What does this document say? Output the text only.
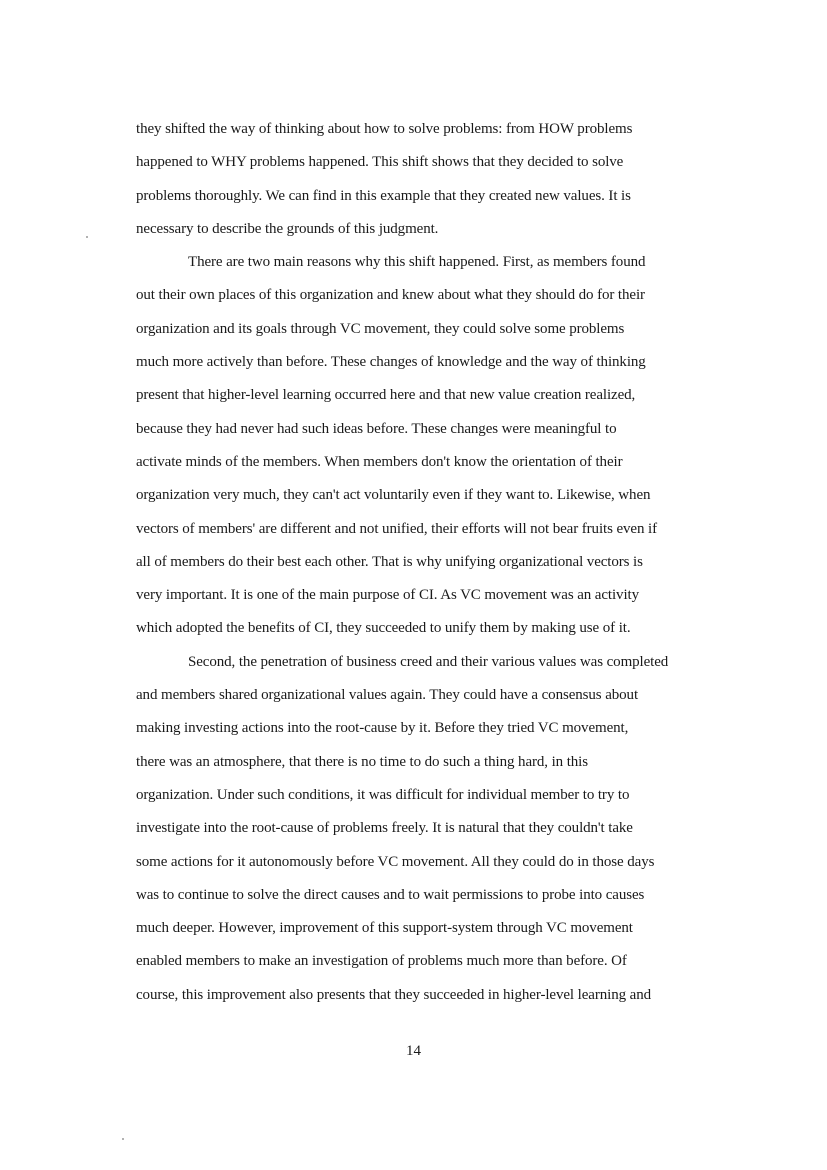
they shifted the way of thinking about how to solve problems: from HOW problems
happened to WHY problems happened. This shift shows that they decided to solve
problems thoroughly. We can find in this example that they created new values. It is
necessary to describe the grounds of this judgment.
There are two main reasons why this shift happened. First, as members found
out their own places of this organization and knew about what they should do for their
organization and its goals through VC movement, they could solve some problems
much more actively than before. These changes of knowledge and the way of thinking
present that higher-level learning occurred here and that new value creation realized,
because they had never had such ideas before. These changes were meaningful to
activate minds of the members. When members don't know the orientation of their
organization very much, they can't act voluntarily even if they want to. Likewise, when
vectors of members' are different and not unified, their efforts will not bear fruits even if
all of members do their best each other. That is why unifying organizational vectors is
very important. It is one of the main purpose of CI. As VC movement was an activity
which adopted the benefits of CI, they succeeded to unify them by making use of it.
Second, the penetration of business creed and their various values was completed
and members shared organizational values again. They could have a consensus about
making investing actions into the root-cause by it. Before they tried VC movement,
there was an atmosphere, that there is no time to do such a thing hard, in this
organization. Under such conditions, it was difficult for individual member to try to
investigate into the root-cause of problems freely. It is natural that they couldn't take
some actions for it autonomously before VC movement. All they could do in those days
was to continue to solve the direct causes and to wait permissions to probe into causes
much deeper. However, improvement of this support-system through VC movement
enabled members to make an investigation of problems much more than before. Of
course, this improvement also presents that they succeeded in higher-level learning and
14
